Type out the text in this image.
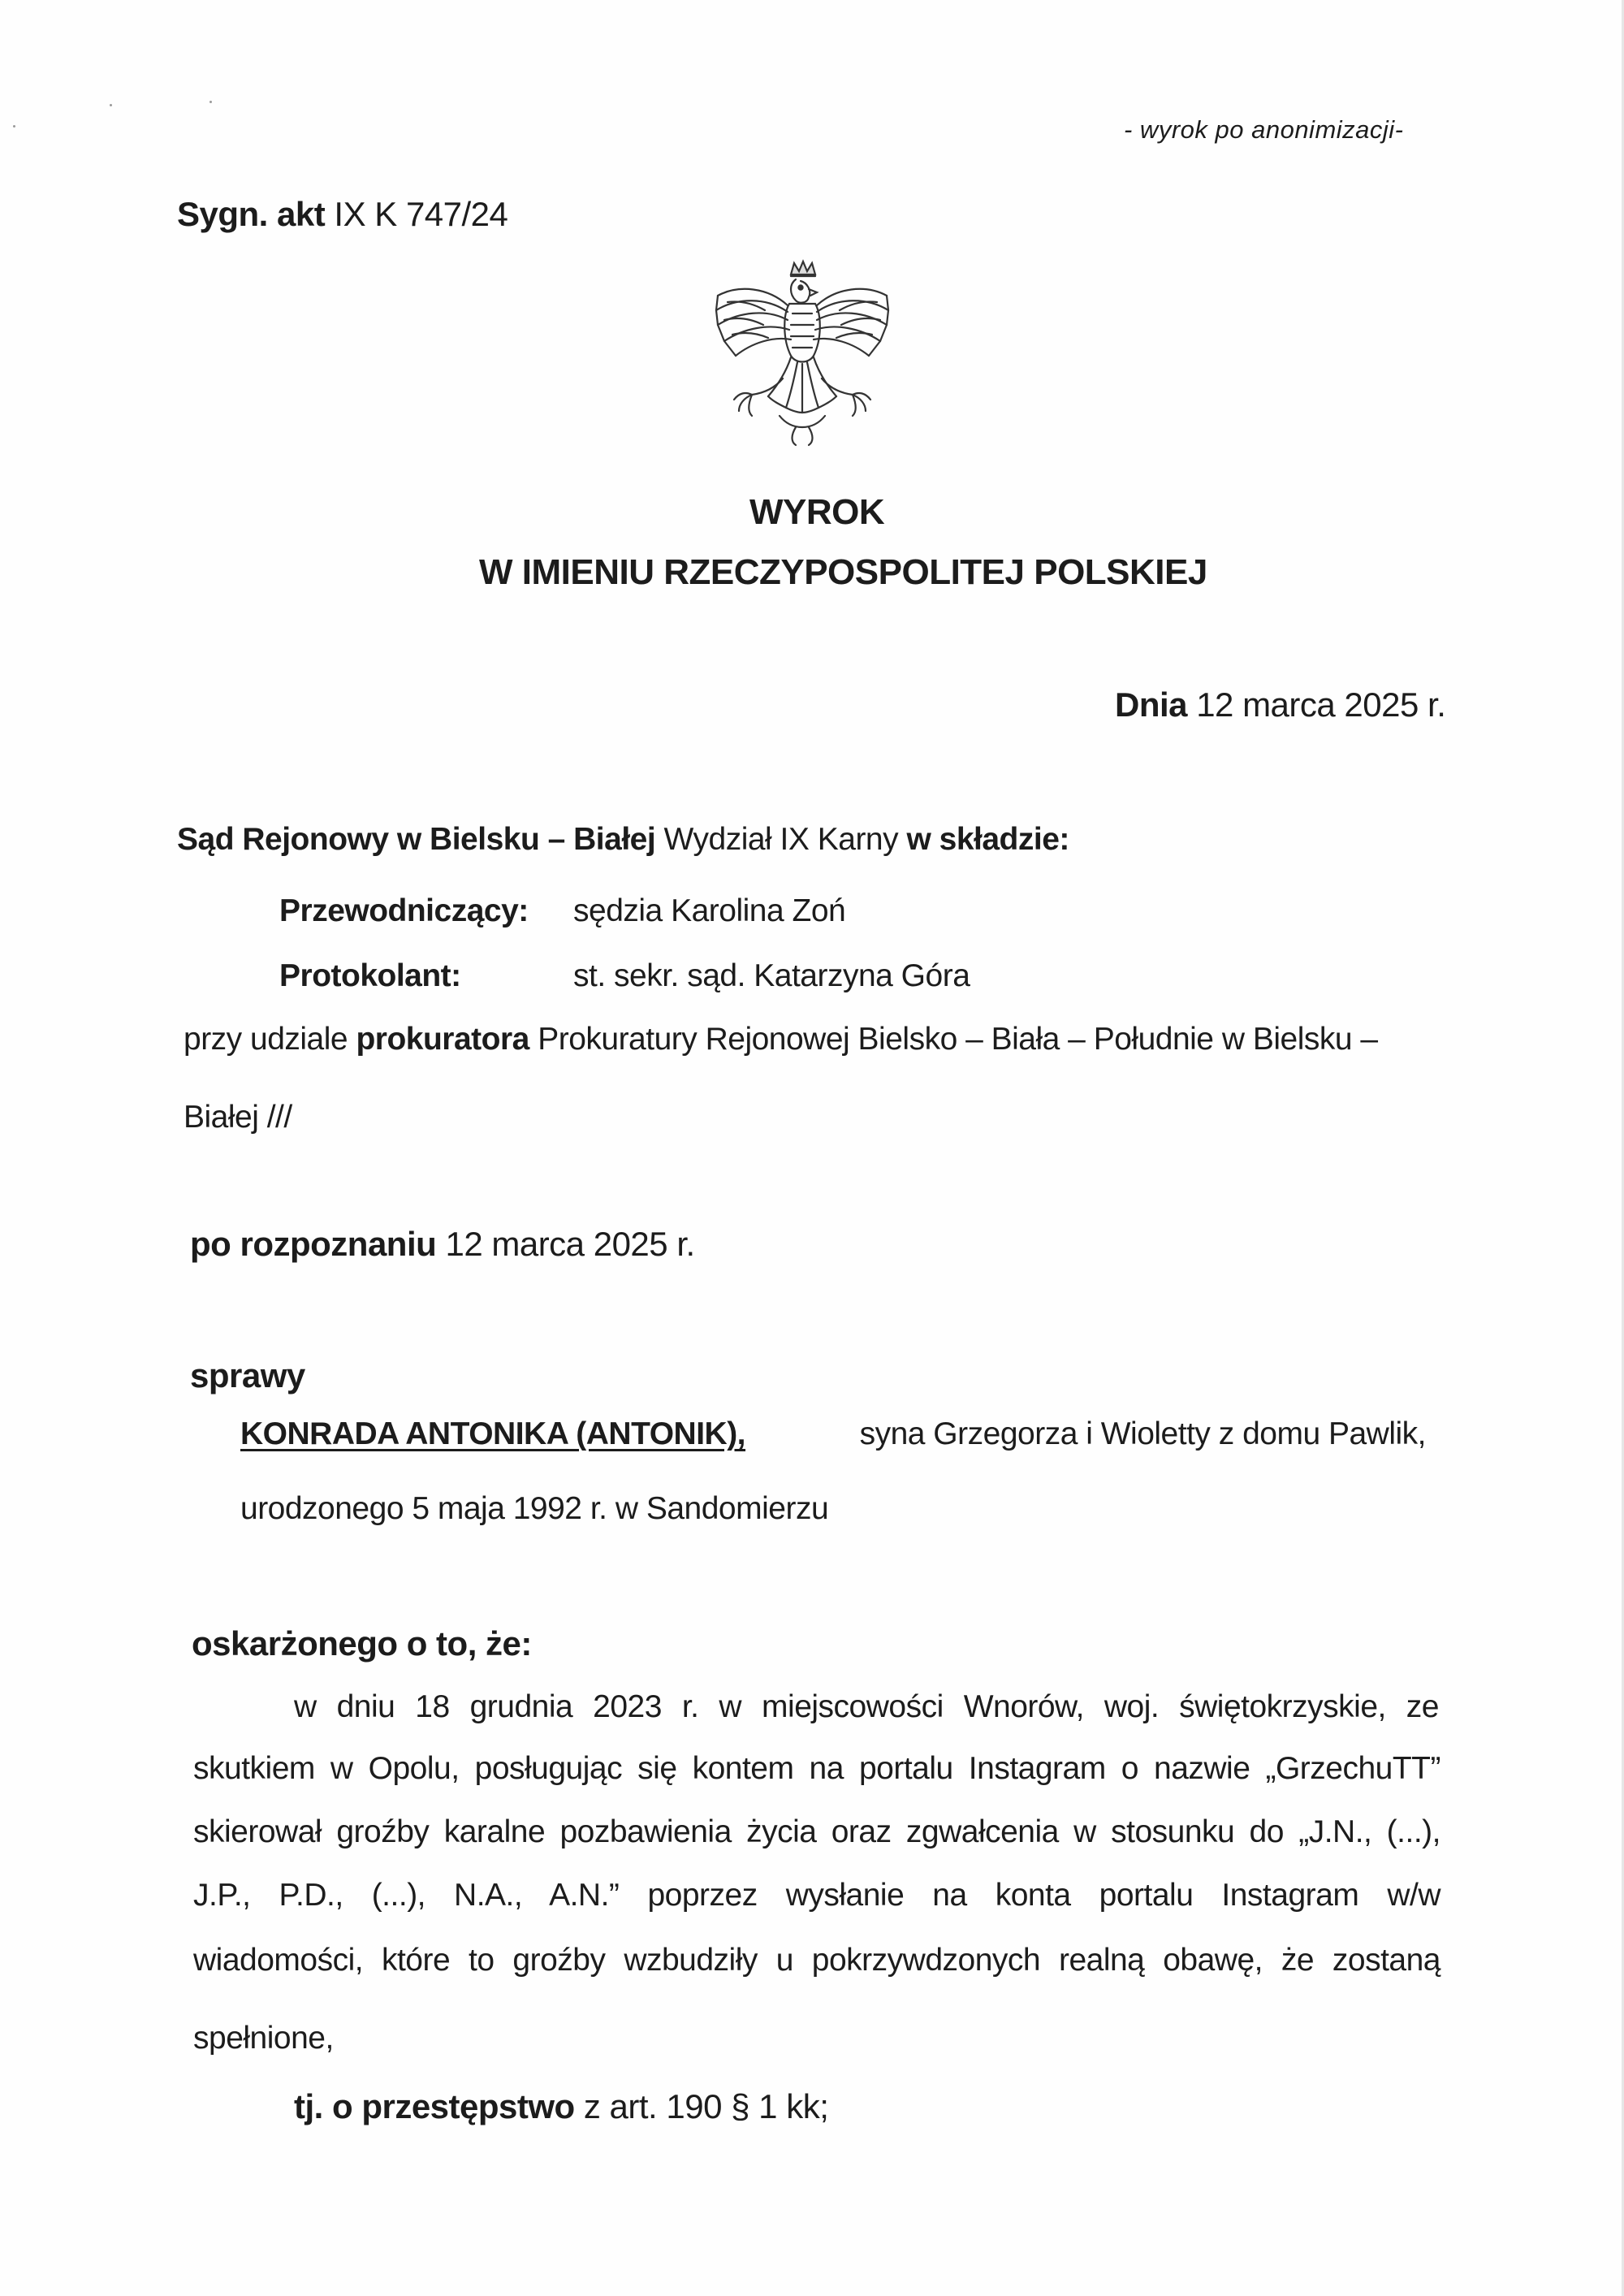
- wyrok po anonimizacji-
Sygn. akt IX K 747/24
WYROK
W IMIENIU RZECZYPOSPOLITEJ POLSKIEJ
Dnia 12 marca 2025 r.
Sąd Rejonowy w Bielsku – Białej Wydział IX Karny w składzie:
Przewodniczący: sędzia Karolina Zoń
Protokolant:	st. sekr. sąd. Katarzyna Góra
przy udziale prokuratora Prokuratury Rejonowej Bielsko – Biała – Południe w Bielsku –
Białej ///
po rozpoznaniu 12 marca 2025 r.
sprawy
KONRADA ANTONIKA (ANTONIK),	syna Grzegorza i Wioletty z domu Pawlik,
urodzonego 5 maja 1992 r. w Sandomierzu
oskarżonego o to, że:
w dniu 18 grudnia 2023 r. w miejscowości Wnorów, woj. świętokrzyskie, ze
skutkiem w Opolu, posługując się kontem na portalu Instagram o nazwie „GrzechuTT”
skierował groźby karalne pozbawienia życia oraz zgwałcenia w stosunku do „J.N., (...),
J.P., P.D., (...), N.A., A.N.” poprzez wysłanie na konta portalu Instagram w/w
wiadomości, które to groźby wzbudziły u pokrzywdzonych realną obawę, że zostaną
spełnione,
tj. o przestępstwo z art. 190 § 1 kk;
